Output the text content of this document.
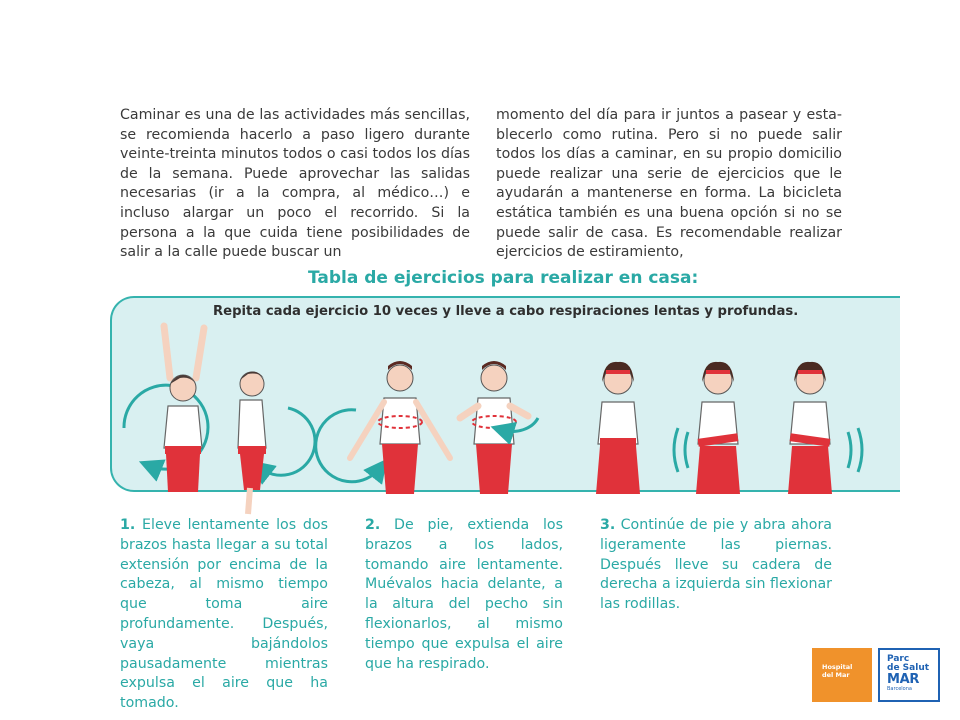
Caminar es una de las actividades más sencillas, se recomienda hacerlo a paso ligero durante veinte-treinta minutos todos o casi todos los días de la semana. Puede aprovechar las salidas necesarias (ir a la compra, al médico…) e incluso alargar un poco el recorrido. Si la persona a la que cuida tiene posibilidades de salir a la calle puede buscar un

momento del día para ir juntos a pasear y esta-blecerlo como rutina. Pero si no puede salir todos los días a caminar, en su propio domicilio puede realizar una serie de ejercicios que le ayudarán a mantenerse en forma. La bicicleta estática también es una buena opción si no se puede salir de casa. Es recomendable realizar ejercicios de estiramiento,

Tabla de ejercicios para realizar en casa:
Repita cada ejercicio 10 veces y lleve a cabo respiraciones lentas y profundas.
1. Eleve lentamente los dos brazos hasta llegar a su total extensión por encima de la cabeza, al mismo tiempo que toma aire profundamente. Después, vaya bajándolos pausadamente mientras expulsa el aire que ha tomado.
2. De pie, extienda los brazos a los lados, tomando aire lentamente. Muévalos hacia delante, a la altura del pecho sin flexionarlos, al mismo tiempo que expulsa el aire que ha respirado.
3. Continúe de pie y abra ahora ligeramente las piernas. Después lleve su cadera de derecha a izquierda sin flexionar las rodillas.
Hospital
del Mar
Parc
de Salut
MAR
Barcelona
